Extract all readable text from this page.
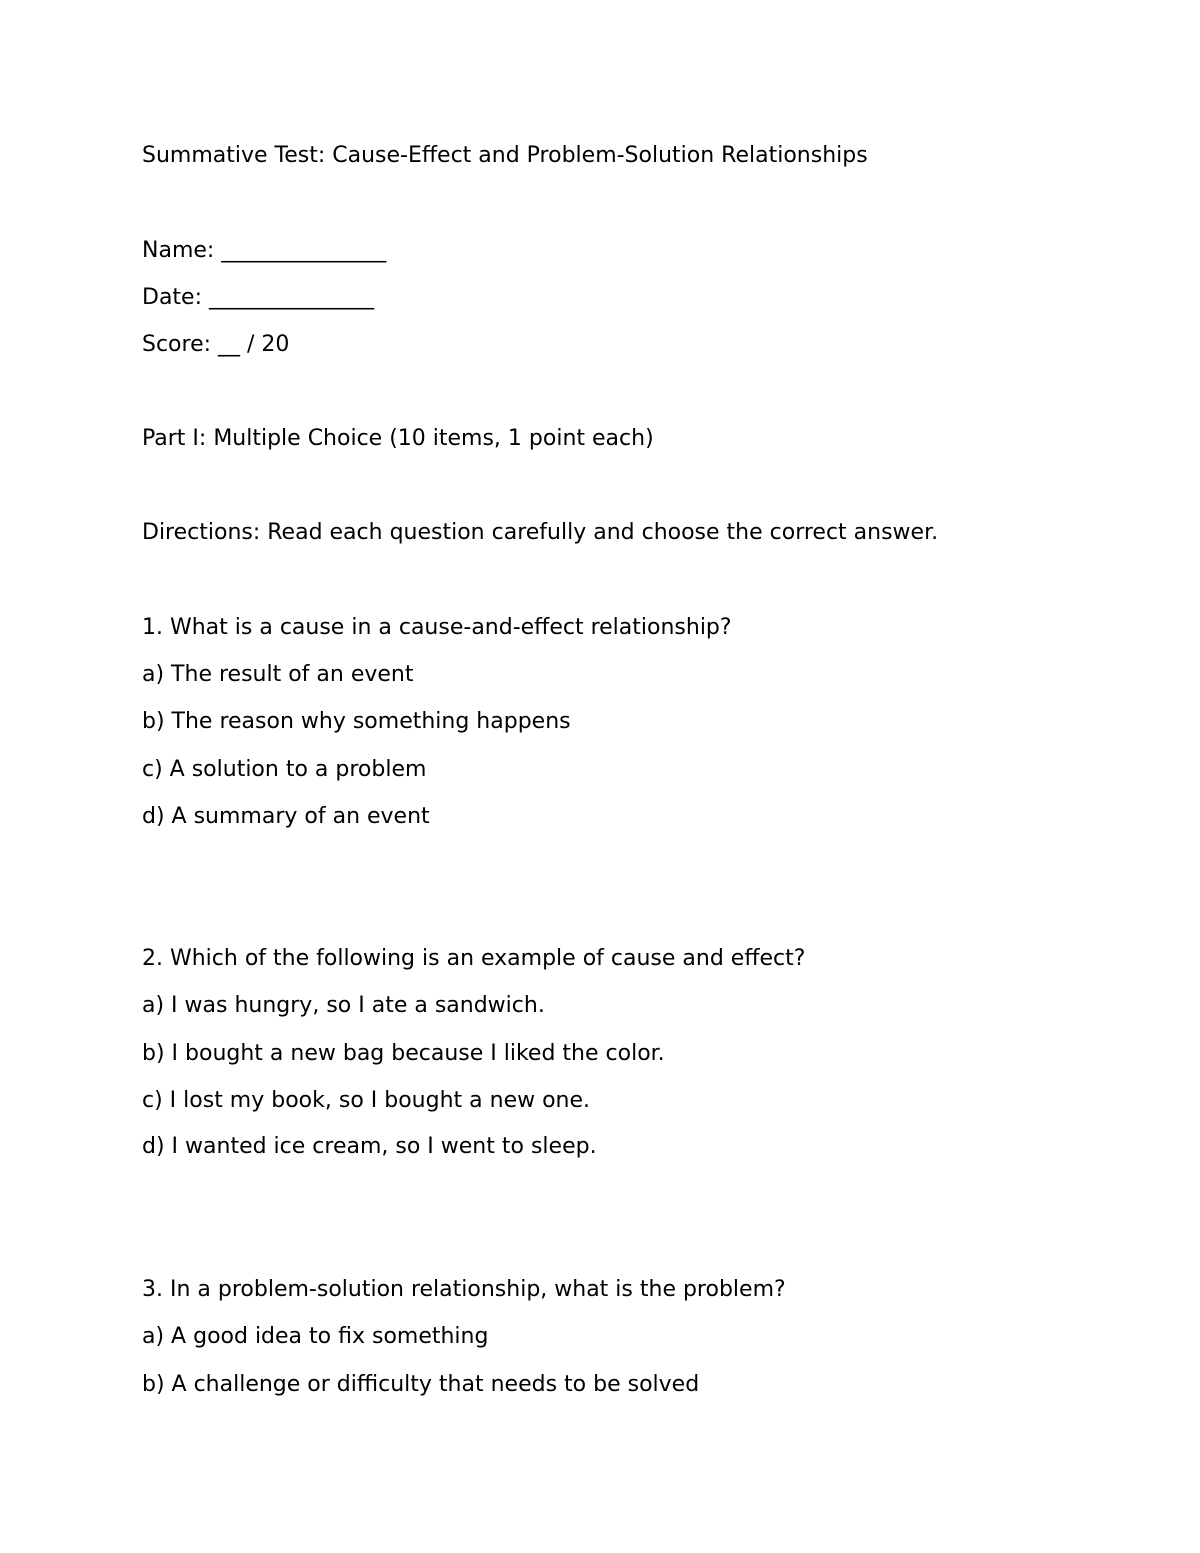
Summative Test: Cause-Effect and Problem-Solution Relationships
Name: _______________
Date: _______________
Score: __ / 20
Part I: Multiple Choice (10 items, 1 point each)
Directions: Read each question carefully and choose the correct answer.
1. What is a cause in a cause-and-effect relationship?
a) The result of an event
b) The reason why something happens
c) A solution to a problem
d) A summary of an event
2. Which of the following is an example of cause and effect?
a) I was hungry, so I ate a sandwich.
b) I bought a new bag because I liked the color.
c) I lost my book, so I bought a new one.
d) I wanted ice cream, so I went to sleep.
3. In a problem-solution relationship, what is the problem?
a) A good idea to fix something
b) A challenge or difficulty that needs to be solved
